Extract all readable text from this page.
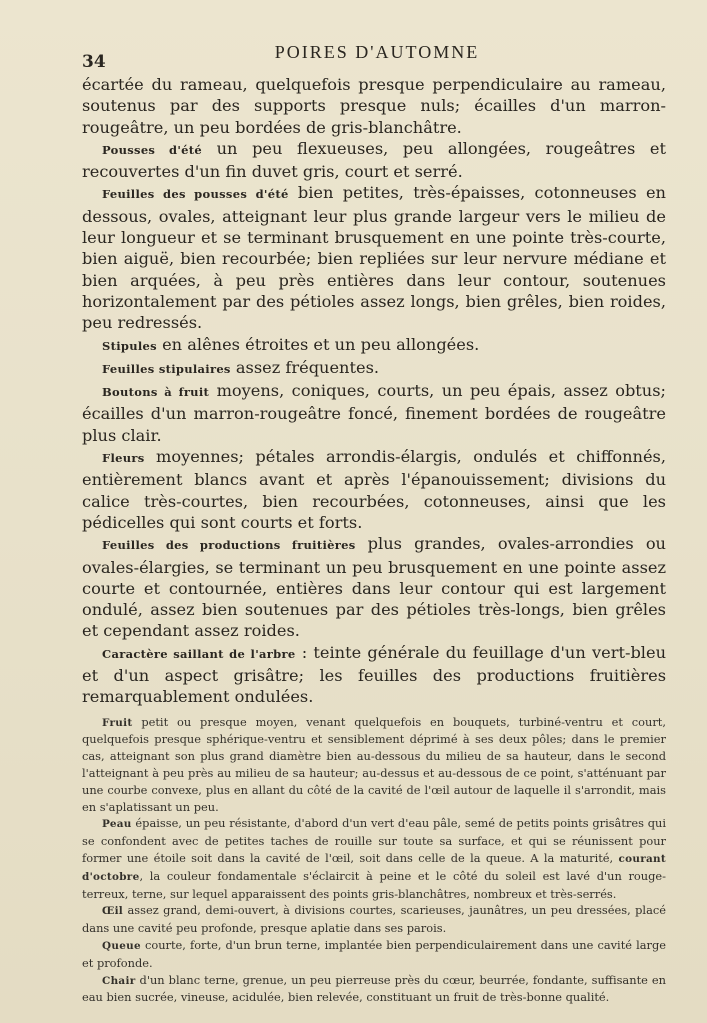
34	POIRES D'AUTOMNE

écartée du rameau, quelquefois presque perpendiculaire au rameau, soutenus par des supports presque nuls; écailles d'un marron-rougeâtre, un peu bordées de gris-blanchâtre.

Pousses d'été un peu flexueuses, peu allongées, rougeâtres et recouvertes d'un fin duvet gris, court et serré.

Feuilles des pousses d'été bien petites, très-épaisses, cotonneuses en dessous, ovales, atteignant leur plus grande largeur vers le milieu de leur longueur et se terminant brusquement en une pointe très-courte, bien aiguë, bien recourbée; bien repliées sur leur nervure médiane et bien arquées, à peu près entières dans leur contour, soutenues horizontalement par des pétioles assez longs, bien grêles, bien roides, peu redressés.

Stipules en alênes étroites et un peu allongées.

Feuilles stipulaires assez fréquentes.

Boutons à fruit moyens, coniques, courts, un peu épais, assez obtus; écailles d'un marron-rougeâtre foncé, finement bordées de rougeâtre plus clair.

Fleurs moyennes; pétales arrondis-élargis, ondulés et chiffonnés, entièrement blancs avant et après l'épanouissement; divisions du calice très-courtes, bien recourbées, cotonneuses, ainsi que les pédicelles qui sont courts et forts.

Feuilles des productions fruitières plus grandes, ovales-arrondies ou ovales-élargies, se terminant un peu brusquement en une pointe assez courte et contournée, entières dans leur contour qui est largement ondulé, assez bien soutenues par des pétioles très-longs, bien grêles et cependant assez roides.

Caractère saillant de l'arbre : teinte générale du feuillage d'un vert-bleu et d'un aspect grisâtre; les feuilles des productions fruitières remarquablement ondulées.

Fruit petit ou presque moyen, venant quelquefois en bouquets, turbiné-ventru et court, quelquefois presque sphérique-ventru et sensiblement déprimé à ses deux pôles; dans le premier cas, atteignant son plus grand diamètre bien au-dessous du milieu de sa hauteur, dans le second l'atteignant à peu près au milieu de sa hauteur; au-dessus et au-dessous de ce point, s'atténuant par une courbe convexe, plus en allant du côté de la cavité de l'œil autour de laquelle il s'arrondit, mais en s'aplatissant un peu.

Peau épaisse, un peu résistante, d'abord d'un vert d'eau pâle, semé de petits points grisâtres qui se confondent avec de petites taches de rouille sur toute sa surface, et qui se réunissent pour former une étoile soit dans la cavité de l'œil, soit dans celle de la queue. A la maturité, courant d'octobre, la couleur fondamentale s'éclaircit à peine et le côté du soleil est lavé d'un rouge-terreux, terne, sur lequel apparaissent des points gris-blanchâtres, nombreux et très-serrés.

Œil assez grand, demi-ouvert, à divisions courtes, scarieuses, jaunâtres, un peu dressées, placé dans une cavité peu profonde, presque aplatie dans ses parois.

Queue courte, forte, d'un brun terne, implantée bien perpendiculairement dans une cavité large et profonde.

Chair d'un blanc terne, grenue, un peu pierreuse près du cœur, beurrée, fondante, suffisante en eau bien sucrée, vineuse, acidulée, bien relevée, constituant un fruit de très-bonne qualité.
